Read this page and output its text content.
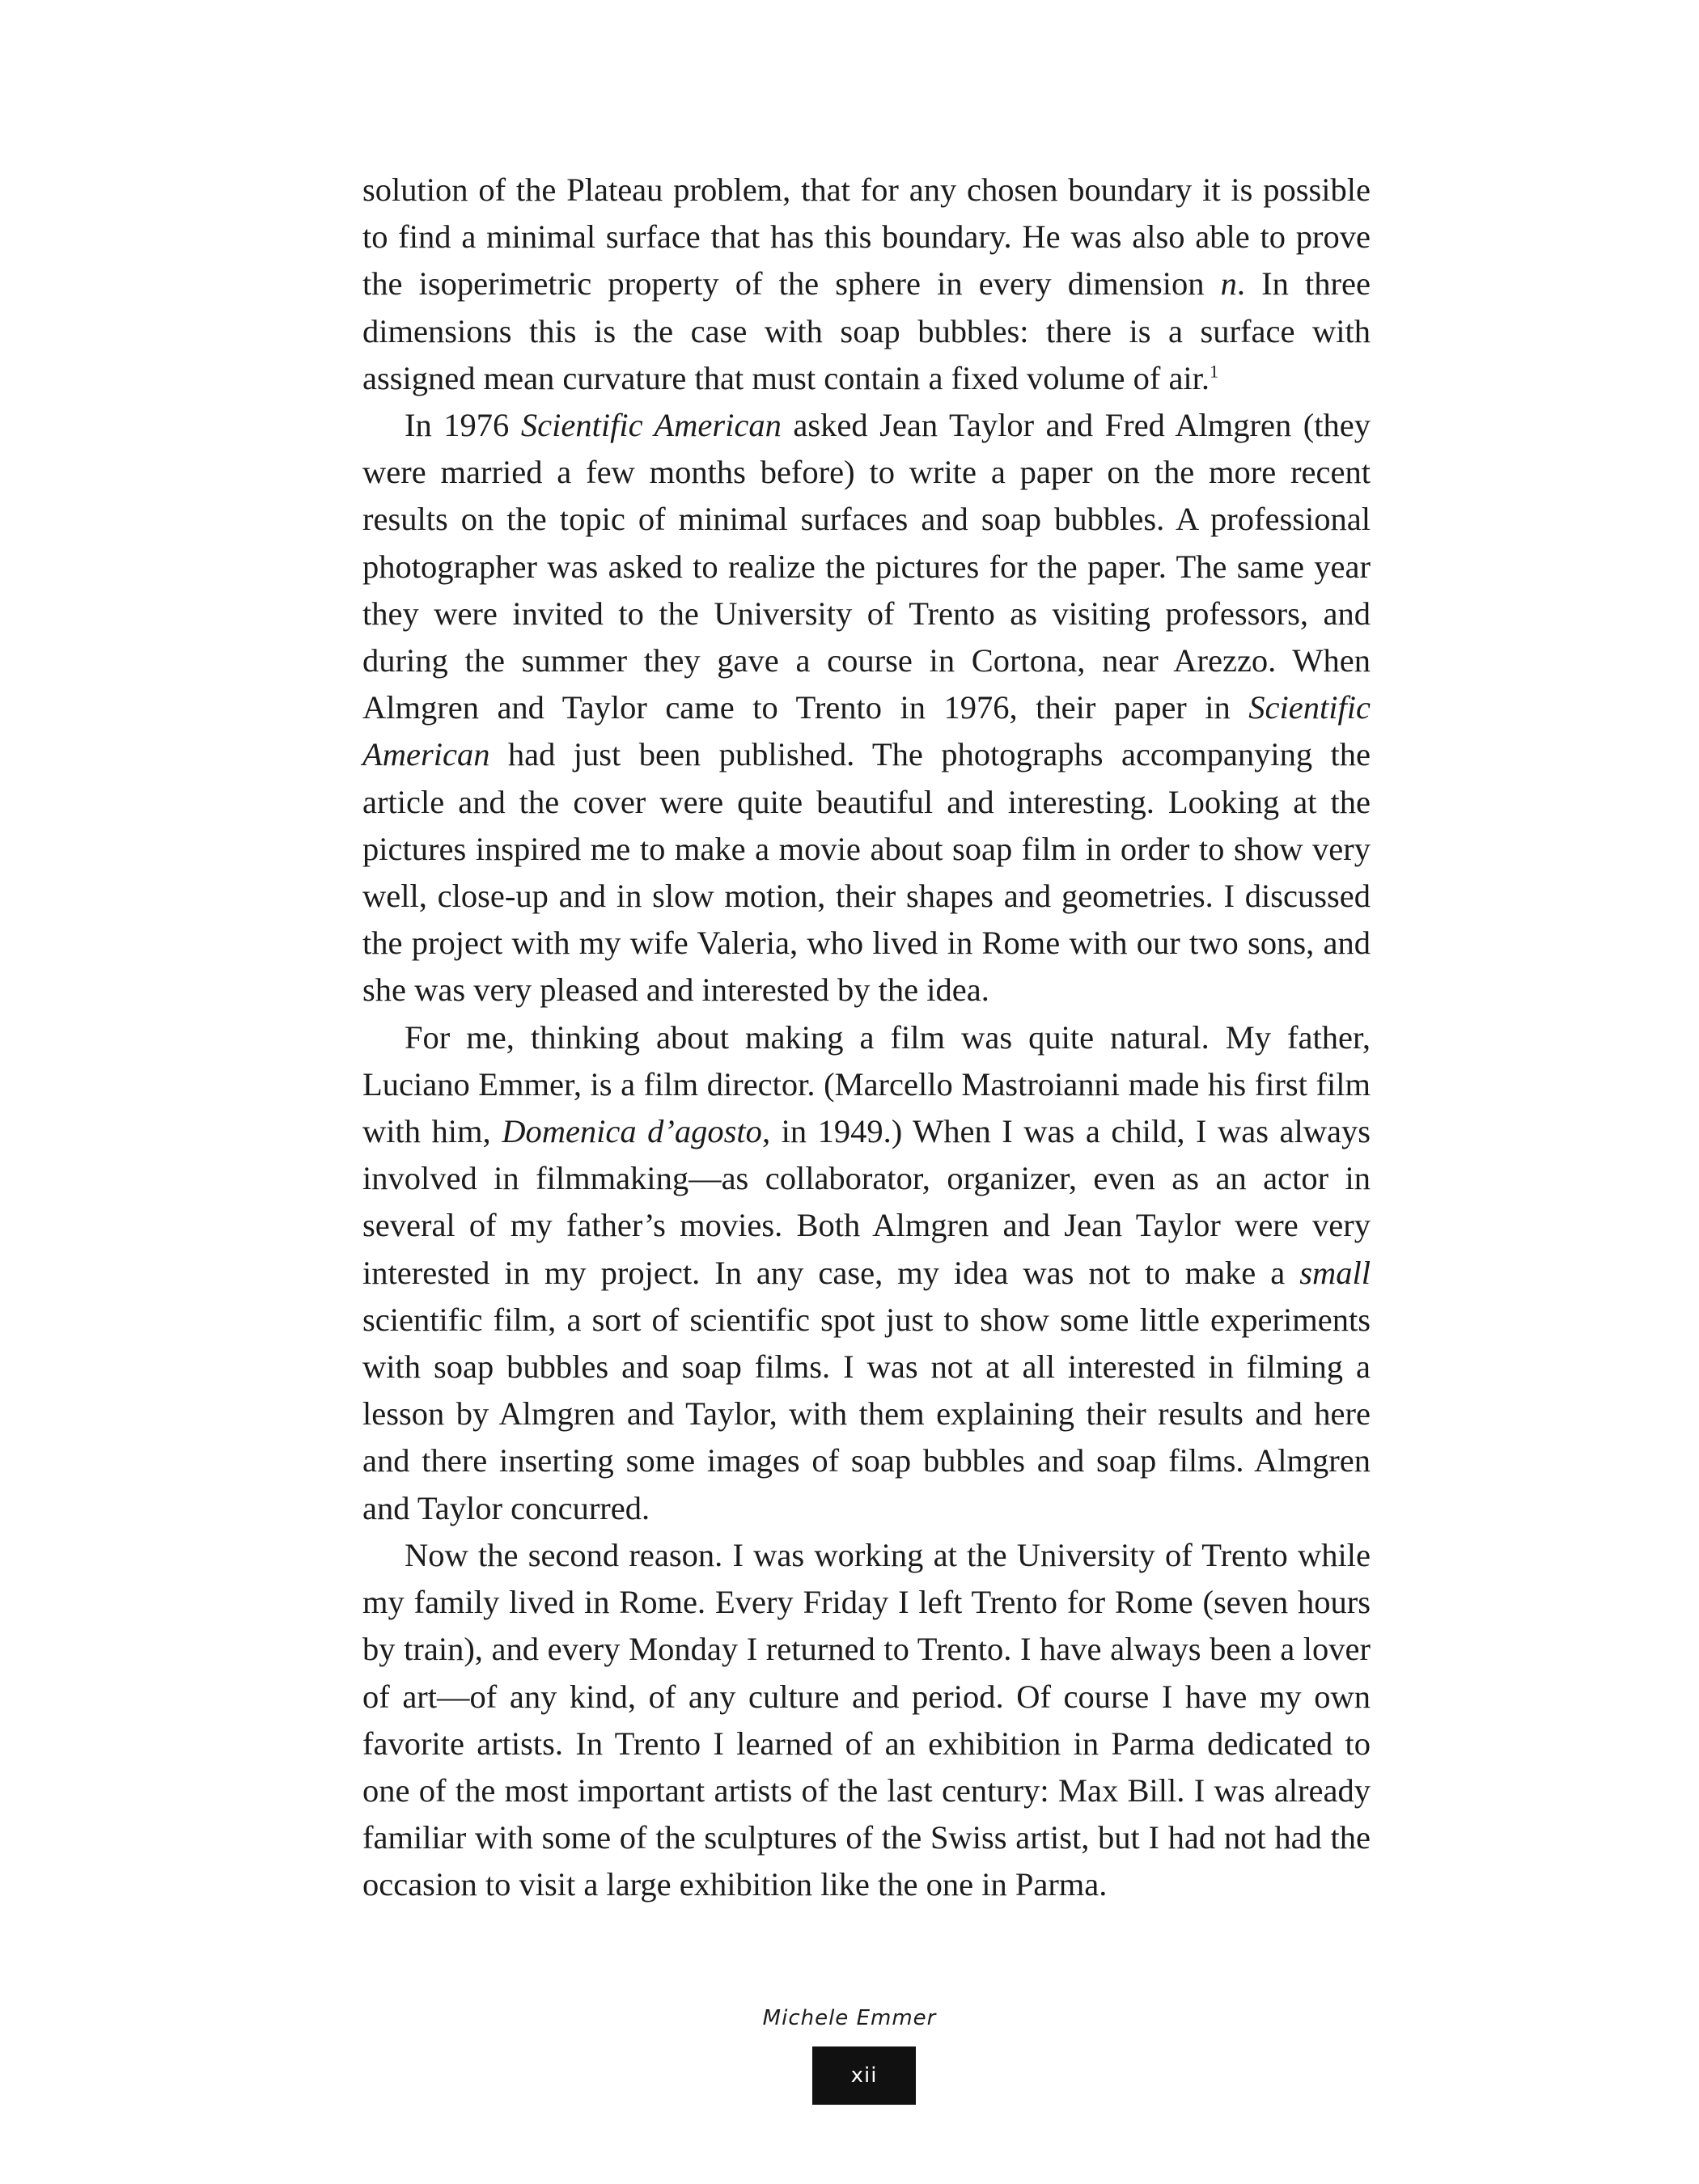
solution of the Plateau problem, that for any chosen boundary it is possible to find a minimal surface that has this boundary. He was also able to prove the isoperimetric property of the sphere in every dimension n. In three dimensions this is the case with soap bubbles: there is a surface with assigned mean curvature that must contain a fixed volume of air.$^1$

In 1976 Scientific American asked Jean Taylor and Fred Almgren (they were married a few months before) to write a paper on the more recent results on the topic of minimal surfaces and soap bubbles. A professional photographer was asked to realize the pictures for the paper. The same year they were invited to the University of Trento as visiting professors, and during the summer they gave a course in Cortona, near Arezzo. When Almgren and Taylor came to Trento in 1976, their paper in Scientific American had just been published. The photographs accompanying the article and the cover were quite beautiful and interesting. Looking at the pictures inspired me to make a movie about soap film in order to show very well, close-up and in slow motion, their shapes and geometries. I discussed the project with my wife Valeria, who lived in Rome with our two sons, and she was very pleased and interested by the idea.

For me, thinking about making a film was quite natural. My father, Luciano Emmer, is a film director. (Marcello Mastroianni made his first film with him, Domenica d’agosto, in 1949.) When I was a child, I was always involved in filmmaking—as collaborator, organizer, even as an actor in several of my father’s movies. Both Almgren and Jean Taylor were very interested in my project. In any case, my idea was not to make a small scientific film, a sort of scientific spot just to show some little experiments with soap bubbles and soap films. I was not at all interested in filming a lesson by Almgren and Taylor, with them explaining their results and here and there inserting some images of soap bubbles and soap films. Almgren and Taylor concurred.

Now the second reason. I was working at the University of Trento while my family lived in Rome. Every Friday I left Trento for Rome (seven hours by train), and every Monday I returned to Trento. I have always been a lover of art—of any kind, of any culture and period. Of course I have my own favorite artists. In Trento I learned of an exhibition in Parma dedicated to one of the most important artists of the last century: Max Bill. I was already familiar with some of the sculptures of the Swiss artist, but I had not had the occasion to visit a large exhibition like the one in Parma.

Michele Emmer
xii
